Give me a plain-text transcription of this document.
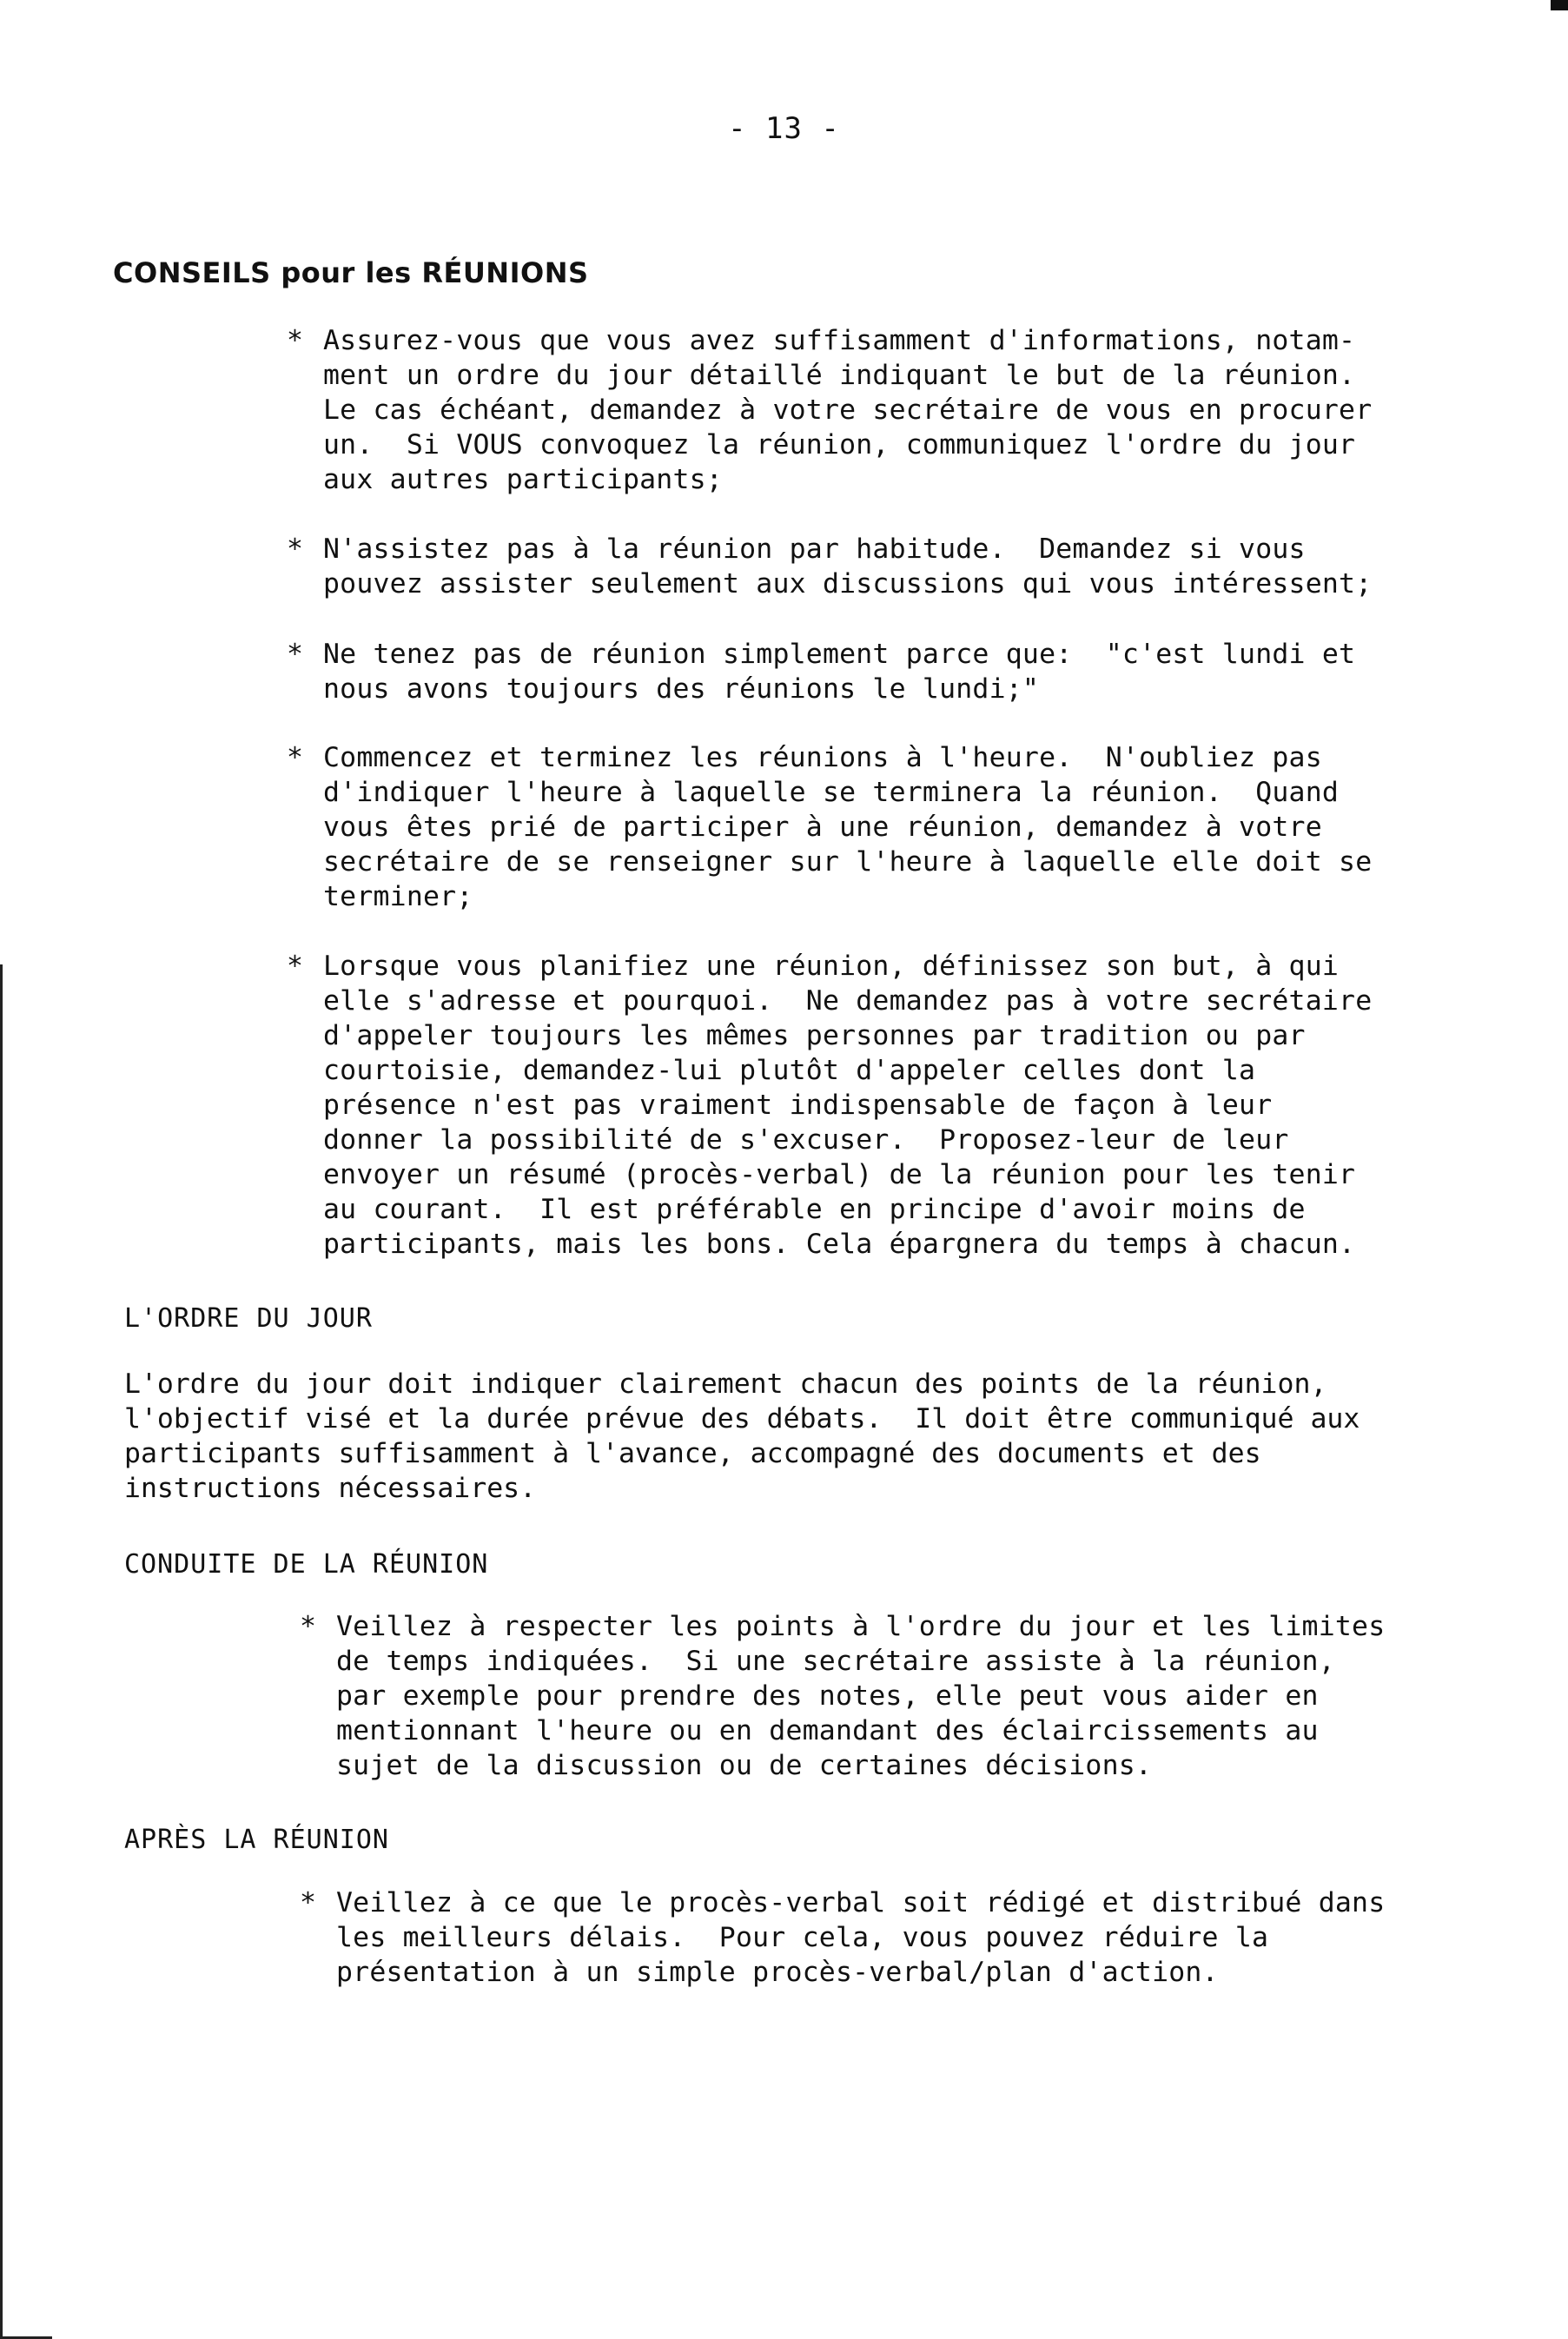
- 13 -
CONSEILS pour les RÉUNIONS
* Assurez-vous que vous avez suffisamment d'informations, notam-
ment un ordre du jour détaillé indiquant le but de la réunion.
Le cas échéant, demandez à votre secrétaire de vous en procurer
un.  Si VOUS convoquez la réunion, communiquez l'ordre du jour
aux autres participants;
* N'assistez pas à la réunion par habitude.  Demandez si vous
pouvez assister seulement aux discussions qui vous intéressent;
* Ne tenez pas de réunion simplement parce que:  "c'est lundi et
nous avons toujours des réunions le lundi;"
* Commencez et terminez les réunions à l'heure.  N'oubliez pas
d'indiquer l'heure à laquelle se terminera la réunion.  Quand
vous êtes prié de participer à une réunion, demandez à votre
secrétaire de se renseigner sur l'heure à laquelle elle doit se
terminer;
* Lorsque vous planifiez une réunion, définissez son but, à qui
elle s'adresse et pourquoi.  Ne demandez pas à votre secrétaire
d'appeler toujours les mêmes personnes par tradition ou par
courtoisie, demandez-lui plutôt d'appeler celles dont la
présence n'est pas vraiment indispensable de façon à leur
donner la possibilité de s'excuser.  Proposez-leur de leur
envoyer un résumé (procès-verbal) de la réunion pour les tenir
au courant.  Il est préférable en principe d'avoir moins de
participants, mais les bons. Cela épargnera du temps à chacun.
L'ORDRE DU JOUR
L'ordre du jour doit indiquer clairement chacun des points de la réunion,
l'objectif visé et la durée prévue des débats.  Il doit être communiqué aux
participants suffisamment à l'avance, accompagné des documents et des
instructions nécessaires.
CONDUITE DE LA RÉUNION
* Veillez à respecter les points à l'ordre du jour et les limites
de temps indiquées.  Si une secrétaire assiste à la réunion,
par exemple pour prendre des notes, elle peut vous aider en
mentionnant l'heure ou en demandant des éclaircissements au
sujet de la discussion ou de certaines décisions.
APRÈS LA RÉUNION
* Veillez à ce que le procès-verbal soit rédigé et distribué dans
les meilleurs délais.  Pour cela, vous pouvez réduire la
présentation à un simple procès-verbal/plan d'action.
